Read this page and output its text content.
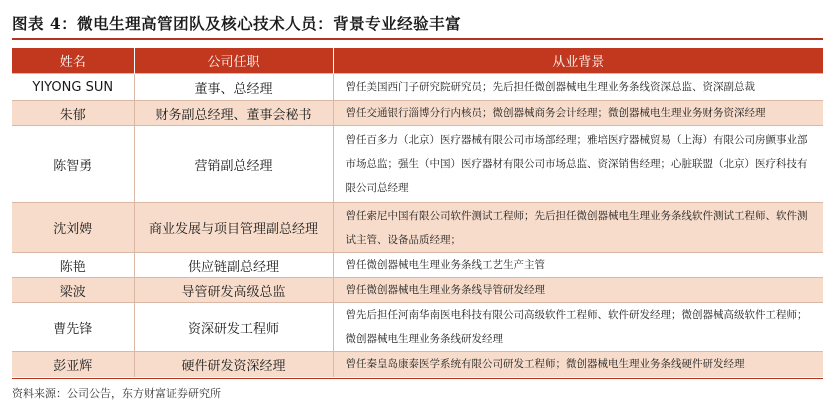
图表 4：微电生理高管团队及核心技术人员：背景专业经验丰富
姓名	公司任职	从业背景
YIYONG SUN	董事、总经理	曾任美国西门子研究院研究员；先后担任微创器械电生理业务条线资深总监、资深副总裁
朱郁	财务副总经理、董事会秘书	曾任交通银行淄博分行内核员；微创器械商务会计经理；微创器械电生理业务财务资深经理
陈智勇	营销副总经理	曾任百多力（北京）医疗器械有限公司市场部经理；雅培医疗器械贸易（上海）有限公司房颤事业部市场总监；强生（中国）医疗器材有限公司市场总监、资深销售经理；心脏联盟（北京）医疗科技有限公司总经理
沈刘娉	商业发展与项目管理副总经理	曾任索尼中国有限公司软件测试工程师；先后担任微创器械电生理业务条线软件测试工程师、软件测试主管、设备品质经理；
陈艳	供应链副总经理	曾任微创器械电生理业务条线工艺生产主管
梁波	导管研发高级总监	曾任微创器械电生理业务条线导管研发经理
曹先锋	资深研发工程师	曾先后担任河南华南医电科技有限公司高级软件工程师、软件研发经理；微创器械高级软件工程师；微创器械电生理业务条线研发经理
彭亚辉	硬件研发资深经理	曾任秦皇岛康泰医学系统有限公司研发工程师；微创器械电生理业务条线硬件研发经理
资料来源：公司公告，东方财富证券研究所
